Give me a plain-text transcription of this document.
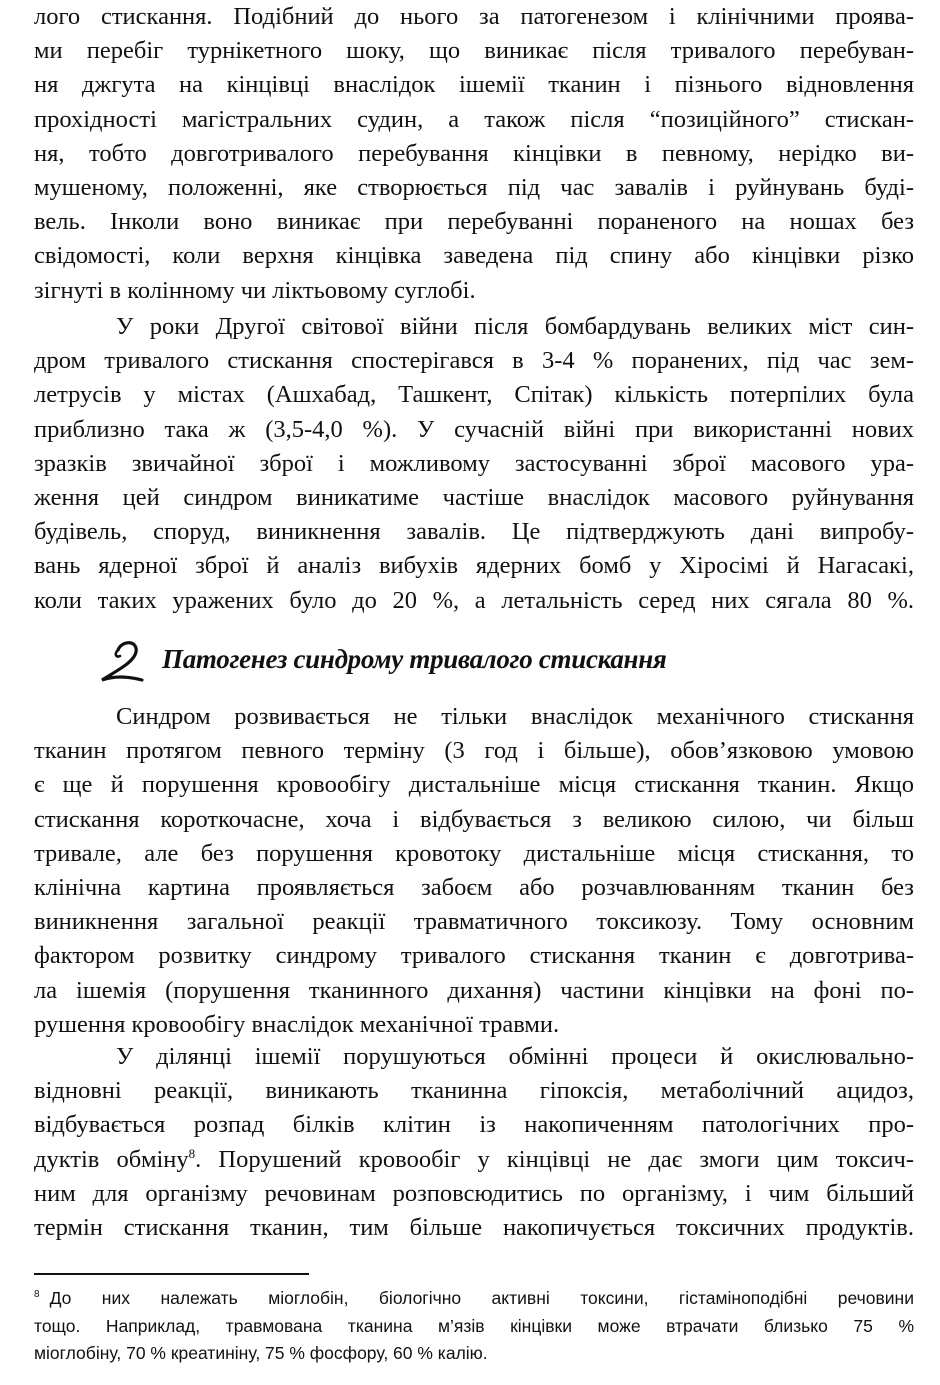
лого стискання. Подібний до нього за патогенезом і клінічними проява-
ми перебіг турнікетного шоку, що виникає після тривалого перебуван-
ня джгута на кінцівці внаслідок ішемії тканин і пізнього відновлення
прохідності магістральних судин, а також після “позиційного” стискан-
ня, тобто довготривалого перебування кінцівки в певному, нерідко ви-
мушеному, положенні, яке створюється під час завалів і руйнувань буді-
вель. Інколи воно виникає при перебуванні пораненого на ношах без
свідомості, коли верхня кінцівка заведена під спину або кінцівки різко
зігнуті в колінному чи ліктьовому суглобі.

У роки Другої світової війни після бомбардувань великих міст син-
дром тривалого стискання спостерігався в 3-4 % поранених, під час зем-
летрусів у містах (Ашхабад, Ташкент, Спітак) кількість потерпілих була
приблизно така ж (3,5-4,0 %). У сучасній війні при використанні нових
зразків звичайної зброї і можливому застосуванні зброї масового ура-
ження цей синдром виникатиме частіше внаслідок масового руйнування
будівель, споруд, виникнення завалів. Це підтверджують дані випробу-
вань ядерної зброї й аналіз вибухів ядерних бомб у Хіросімі й Нагасакі,
коли таких уражених було до 20 %, а летальність серед них сягала 80 %.

2
Патогенез синдрому тривалого стискання

Синдром розвивається не тільки внаслідок механічного стискання
тканин протягом певного терміну (3 год і більше), обов’язковою умовою
є ще й порушення кровообігу дистальніше місця стискання тканин. Якщо
стискання короткочасне, хоча і відбувається з великою силою, чи більш
тривале, але без порушення кровотоку дистальніше місця стискання, то
клінічна картина проявляється забоєм або розчавлюванням тканин без
виникнення загальної реакції травматичного токсикозу. Тому основним
фактором розвитку синдрому тривалого стискання тканин є довготрива-
ла ішемія (порушення тканинного дихання) частини кінцівки на фоні по-
рушення кровообігу внаслідок механічної травми.

У ділянці ішемії порушуються обмінні процеси й окислювально-
відновні реакції, виникають тканинна гіпоксія, метаболічний ацидоз,
відбувається розпад білків клітин із накопиченням патологічних про-
дуктів обміну$^8$. Порушений кровообіг у кінцівці не дає змоги цим токсич-
ним для організму речовинам розповсюдитись по організму, і чим більший
термін стискання тканин, тим більше накопичується токсичних продуктів.

$^8$ До них належать міоглобін, біологічно активні токсини, гістаміноподібні речовини
тощо. Наприклад, травмована тканина м’язів кінцівки може втрачати близько 75 %
міоглобіну, 70 % креатиніну, 75 % фосфору, 60 % калію.
